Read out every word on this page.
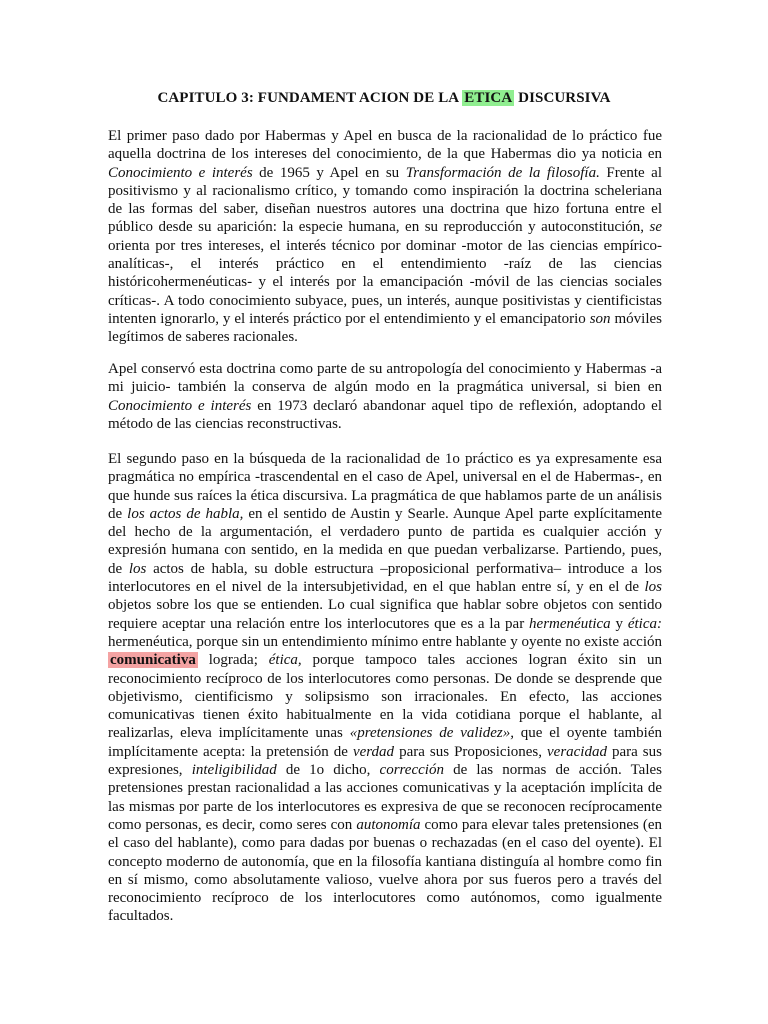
CAPITULO 3: FUNDAMENT ACION DE LA ETICA DISCURSIVA
El primer paso dado por Habermas y Apel en busca de la racionalidad de lo práctico fue aquella doctrina de los intereses del conocimiento, de la que Habermas dio ya noticia en Conocimiento e interés de 1965 y Apel en su Transformación de la filosofía. Frente al positivismo y al racionalismo crítico, y tomando como inspiración la doctrina scheleriana de las formas del saber, diseñan nuestros autores una doctrina que hizo fortuna entre el público desde su aparición: la especie humana, en su reproducción y autoconstitución, se orienta por tres intereses, el interés técnico por dominar -motor de las ciencias empírico-analíticas-, el interés práctico en el entendimiento -raíz de las ciencias históricohermenéuticas- y el interés por la emancipación -móvil de las ciencias sociales críticas-. A todo conocimiento subyace, pues, un interés, aunque positivistas y cientificistas intenten ignorarlo, y el interés práctico por el entendimiento y el emancipatorio son móviles legítimos de saberes racionales.
Apel conservó esta doctrina como parte de su antropología del conocimiento y Habermas -a mi juicio- también la conserva de algún modo en la pragmática universal, si bien en Conocimiento e interés en 1973 declaró abandonar aquel tipo de reflexión, adoptando el método de las ciencias reconstructivas.
El segundo paso en la búsqueda de la racionalidad de 1o práctico es ya expresamente esa pragmática no empírica -trascendental en el caso de Apel, universal en el de Habermas-, en que hunde sus raíces la ética discursiva. La pragmática de que hablamos parte de un análisis de los actos de habla, en el sentido de Austin y Searle. Aunque Apel parte explícitamente del hecho de la argumentación, el verdadero punto de partida es cualquier acción y expresión humana con sentido, en la medida en que puedan verbalizarse. Partiendo, pues, de los actos de habla, su doble estructura –proposicional performativa– introduce a los interlocutores en el nivel de la intersubjetividad, en el que hablan entre sí, y en el de los objetos sobre los que se entienden. Lo cual significa que hablar sobre objetos con sentido requiere aceptar una relación entre los interlocutores que es a la par hermenéutica y ética: hermenéutica, porque sin un entendimiento mínimo entre hablante y oyente no existe acción comunicativa lograda; ética, porque tampoco tales acciones logran éxito sin un reconocimiento recíproco de los interlocutores como personas. De donde se desprende que objetivismo, cientificismo y solipsismo son irracionales. En efecto, las acciones comunicativas tienen éxito habitualmente en la vida cotidiana porque el hablante, al realizarlas, eleva implícitamente unas «pretensiones de validez», que el oyente también implícitamente acepta: la pretensión de verdad para sus Proposiciones, veracidad para sus expresiones, inteligibilidad de 1o dicho, corrección de las normas de acción. Tales pretensiones prestan racionalidad a las acciones comunicativas y la aceptación implícita de las mismas por parte de los interlocutores es expresiva de que se reconocen recíprocamente como personas, es decir, como seres con autonomía como para elevar tales pretensiones (en el caso del hablante), como para dadas por buenas o rechazadas (en el caso del oyente). El concepto moderno de autonomía, que en la filosofía kantiana distinguía al hombre como fin en sí mismo, como absolutamente valioso, vuelve ahora por sus fueros pero a través del reconocimiento recíproco de los interlocutores como autónomos, como igualmente facultados.
